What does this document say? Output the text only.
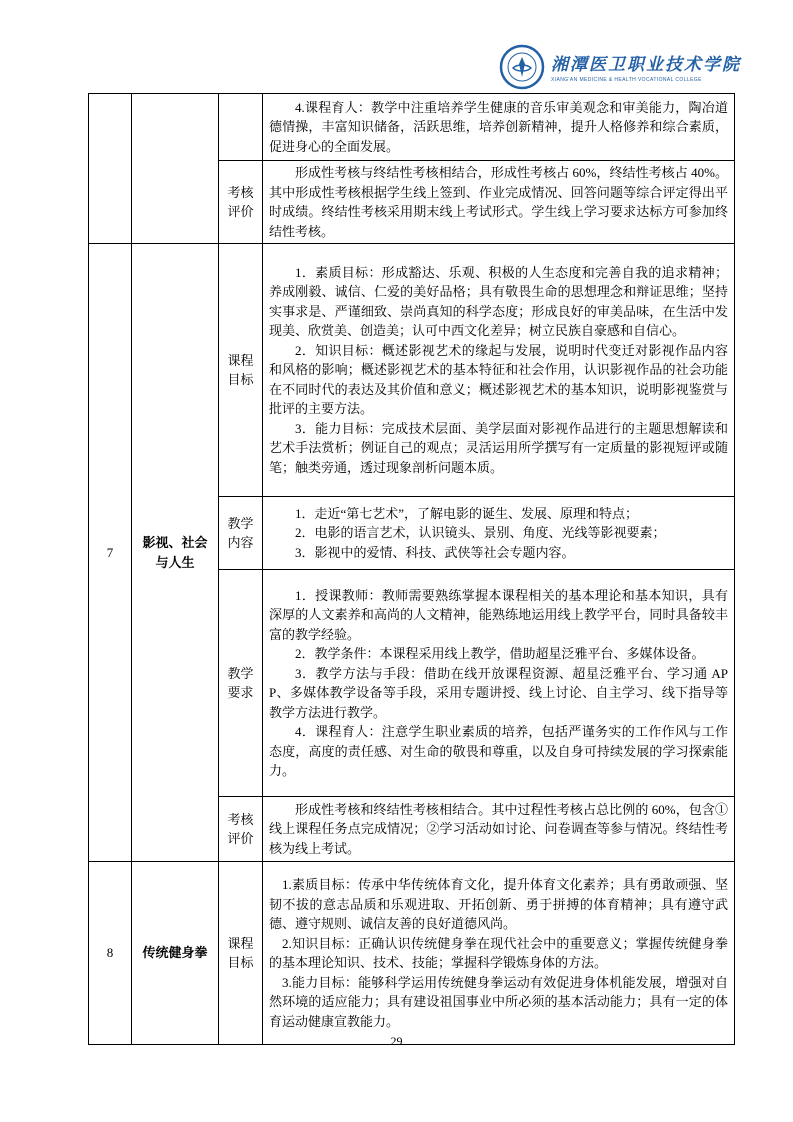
湘潭医卫职业技术学院
XIANG'AN MEDICINE & HEALTH VOCATIONAL COLLEGE

			4.课程育人：教学中注重培养学生健康的音乐审美观念和审美能力，陶冶道德情操，丰富知识储备，活跃思维，培养创新精神，提升人格修养和综合素质，促进身心的全面发展。

		考核评价	形成性考核与终结性考核相结合，形成性考核占 60%，终结性考核占 40%。其中形成性考核根据学生线上签到、作业完成情况、回答问题等综合评定得出平时成绩。终结性考核采用期末线上考试形式。学生线上学习要求达标方可参加终结性考核。

7	影视、社会与人生	课程目标	1．素质目标：形成豁达、乐观、积极的人生态度和完善自我的追求精神；养成刚毅、诚信、仁爱的美好品格；具有敬畏生命的思想理念和辩证思维；坚持实事求是、严谨细致、崇尚真知的科学态度；形成良好的审美品味，在生活中发现美、欣赏美、创造美；认可中西文化差异；树立民族自豪感和自信心。

2．知识目标：概述影视艺术的缘起与发展，说明时代变迁对影视作品内容和风格的影响；概述影视艺术的基本特征和社会作用，认识影视作品的社会功能在不同时代的表达及其价值和意义；概述影视艺术的基本知识，说明影视鉴赏与批评的主要方法。

3．能力目标：完成技术层面、美学层面对影视作品进行的主题思想解读和艺术手法赏析；例证自己的观点；灵活运用所学撰写有一定质量的影视短评或随笔；触类旁通，透过现象剖析问题本质。

		教学内容	1．走近“第七艺术”，了解电影的诞生、发展、原理和特点；

2．电影的语言艺术，认识镜头、景别、角度、光线等影视要素；

3．影视中的爱情、科技、武侠等社会专题内容。

		教学要求	1．授课教师：教师需要熟练掌握本课程相关的基本理论和基本知识，具有深厚的人文素养和高尚的人文精神，能熟练地运用线上教学平台，同时具备较丰富的教学经验。

2．教学条件：本课程采用线上教学，借助超星泛雅平台、多媒体设备。

3．教学方法与手段：借助在线开放课程资源、超星泛雅平台、学习通 APP、多媒体教学设备等手段，采用专题讲授、线上讨论、自主学习、线下指导等教学方法进行教学。

4．课程育人：注意学生职业素质的培养，包括严谨务实的工作作风与工作态度，高度的责任感、对生命的敬畏和尊重，以及自身可持续发展的学习探索能力。

		考核评价	形成性考核和终结性考核相结合。其中过程性考核占总比例的 60%，包含①线上课程任务点完成情况；②学习活动如讨论、问卷调查等参与情况。终结性考核为线上考试。

8	传统健身拳	课程目标	1.素质目标：传承中华传统体育文化，提升体育文化素养；具有勇敢顽强、坚韧不拔的意志品质和乐观进取、开拓创新、勇于拼搏的体育精神；具有遵守武德、遵守规则、诚信友善的良好道德风尚。

2.知识目标：正确认识传统健身拳在现代社会中的重要意义；掌握传统健身拳的基本理论知识、技术、技能；掌握科学锻炼身体的方法。

3.能力目标：能够科学运用传统健身拳运动有效促进身体机能发展，增强对自然环境的适应能力；具有建设祖国事业中所必须的基本活动能力；具有一定的体育运动健康宣教能力。

29
